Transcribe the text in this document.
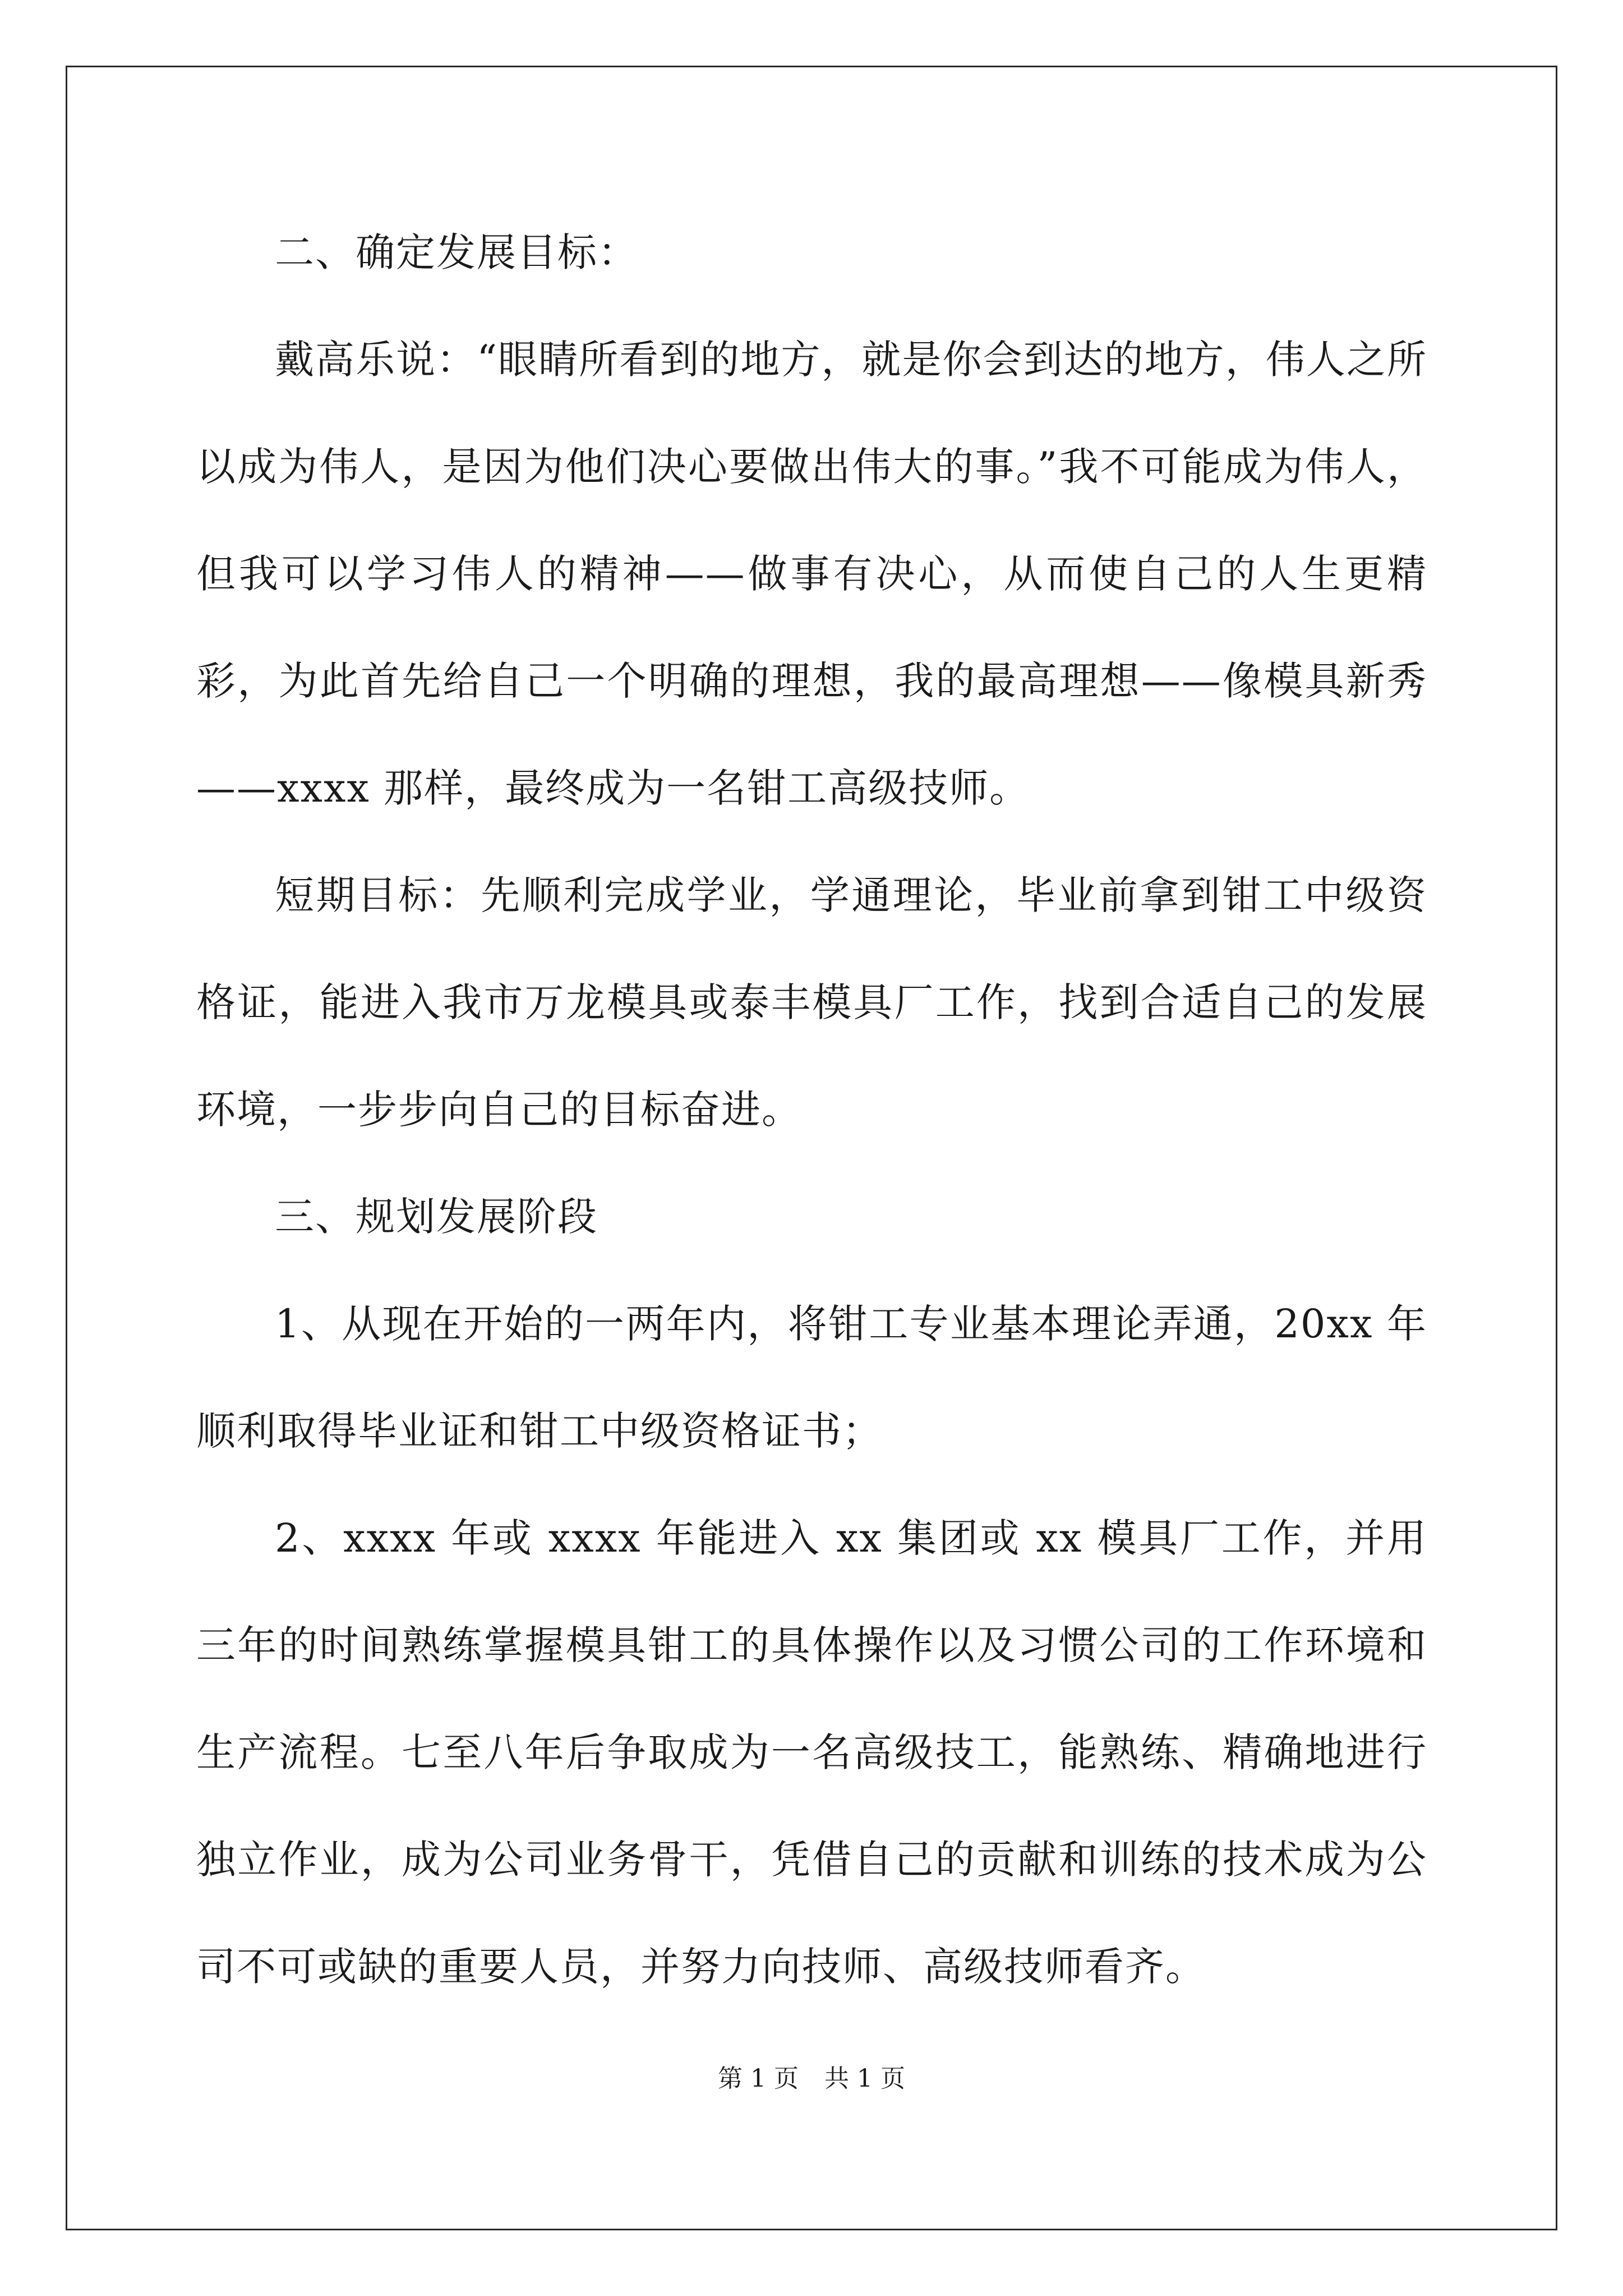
二、确定发展目标：

戴高乐说：“眼睛所看到的地方，就是你会到达的地方，伟人之所以成为伟人，是因为他们决心要做出伟大的事。”我不可能成为伟人，但我可以学习伟人的精神——做事有决心，从而使自己的人生更精彩，为此首先给自己一个明确的理想，我的最高理想——像模具新秀——xxxx 那样，最终成为一名钳工高级技师。

短期目标：先顺利完成学业，学通理论，毕业前拿到钳工中级资格证，能进入我市万龙模具或泰丰模具厂工作，找到合适自己的发展环境，一步步向自己的目标奋进。

三、规划发展阶段

1、从现在开始的一两年内，将钳工专业基本理论弄通，20xx 年顺利取得毕业证和钳工中级资格证书；

2、xxxx 年或 xxxx 年能进入 xx 集团或 xx 模具厂工作，并用三年的时间熟练掌握模具钳工的具体操作以及习惯公司的工作环境和生产流程。七至八年后争取成为一名高级技工，能熟练、精确地进行独立作业，成为公司业务骨干，凭借自己的贡献和训练的技术成为公司不可或缺的重要人员，并努力向技师、高级技师看齐。

第 1 页 共 1 页
